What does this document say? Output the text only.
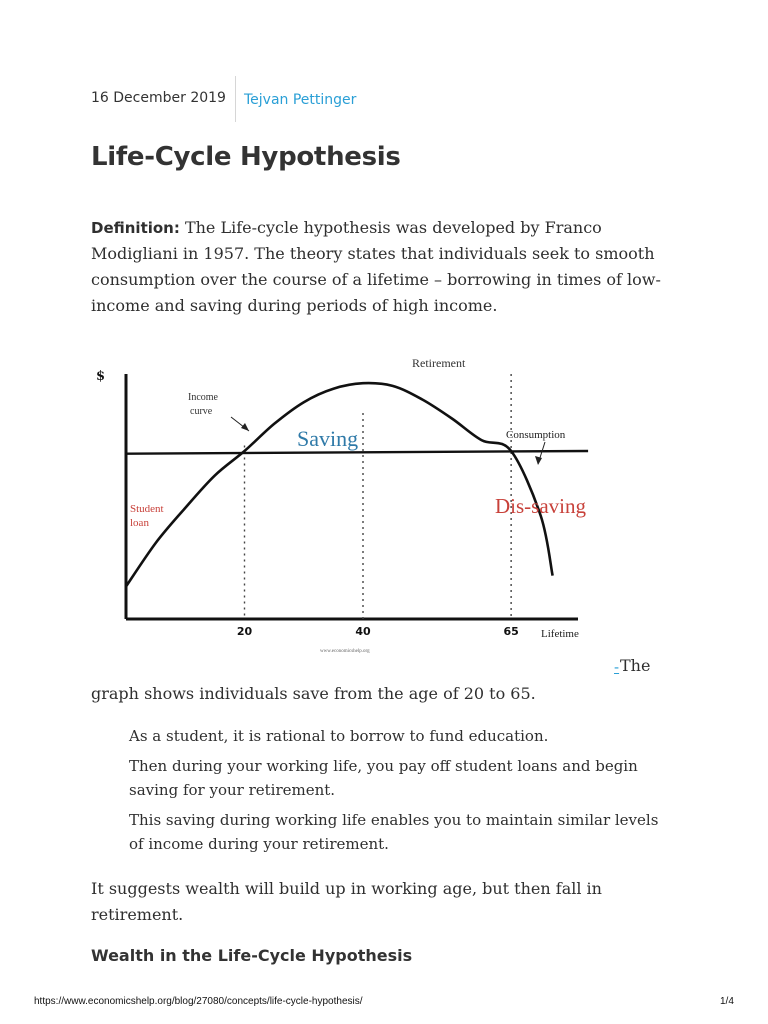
16 December 2019 Tejvan Pettinger
Life-Cycle Hypothesis

Definition: The Life-cycle hypothesis was developed by Franco Modigliani in 1957. The theory states that individuals seek to smooth consumption over the course of a lifetime – borrowing in times of low-income and saving during periods of high income.

20	40	65
$
Lifetime
Retirement
Income curve
Consumption
Saving
Dis-saving
Student loan
www.economicshelp.org
- The

graph shows individuals save from the age of 20 to 65.

As a student, it is rational to borrow to fund education.
Then during your working life, you pay off student loans and begin saving for your retirement.
This saving during working life enables you to maintain similar levels of income during your retirement.

It suggests wealth will build up in working age, but then fall in retirement.

Wealth in the Life-Cycle Hypothesis
https://www.economicshelp.org/blog/27080/concepts/life-cycle-hypothesis/	1/4
